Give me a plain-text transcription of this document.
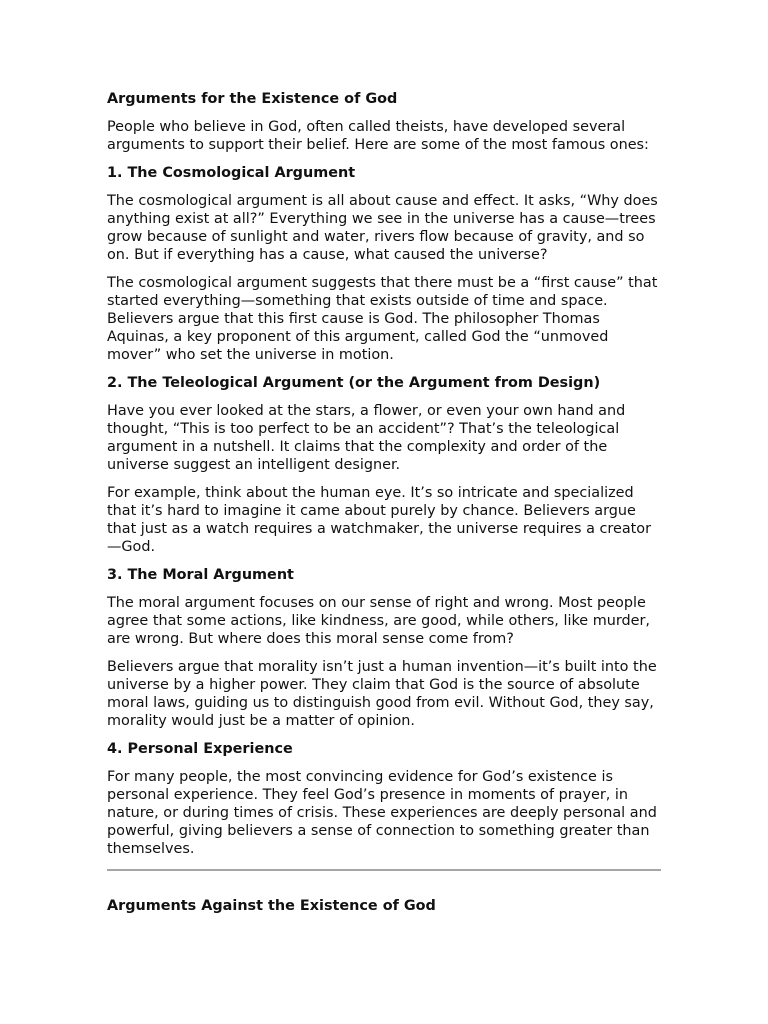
Arguments for the Existence of God

People who believe in God, often called theists, have developed several arguments to support their belief. Here are some of the most famous ones:

1. The Cosmological Argument

The cosmological argument is all about cause and effect. It asks, “Why does anything exist at all?” Everything we see in the universe has a cause—trees grow because of sunlight and water, rivers flow because of gravity, and so on. But if everything has a cause, what caused the universe?

The cosmological argument suggests that there must be a “first cause” that started everything—something that exists outside of time and space. Believers argue that this first cause is God. The philosopher Thomas Aquinas, a key proponent of this argument, called God the “unmoved mover” who set the universe in motion.

2. The Teleological Argument (or the Argument from Design)

Have you ever looked at the stars, a flower, or even your own hand and thought, “This is too perfect to be an accident”? That’s the teleological argument in a nutshell. It claims that the complexity and order of the universe suggest an intelligent designer.

For example, think about the human eye. It’s so intricate and specialized that it’s hard to imagine it came about purely by chance. Believers argue that just as a watch requires a watchmaker, the universe requires a creator—God.

3. The Moral Argument

The moral argument focuses on our sense of right and wrong. Most people agree that some actions, like kindness, are good, while others, like murder, are wrong. But where does this moral sense come from?

Believers argue that morality isn’t just a human invention—it’s built into the universe by a higher power. They claim that God is the source of absolute moral laws, guiding us to distinguish good from evil. Without God, they say, morality would just be a matter of opinion.

4. Personal Experience

For many people, the most convincing evidence for God’s existence is personal experience. They feel God’s presence in moments of prayer, in nature, or during times of crisis. These experiences are deeply personal and powerful, giving believers a sense of connection to something greater than themselves.

Arguments Against the Existence of God
